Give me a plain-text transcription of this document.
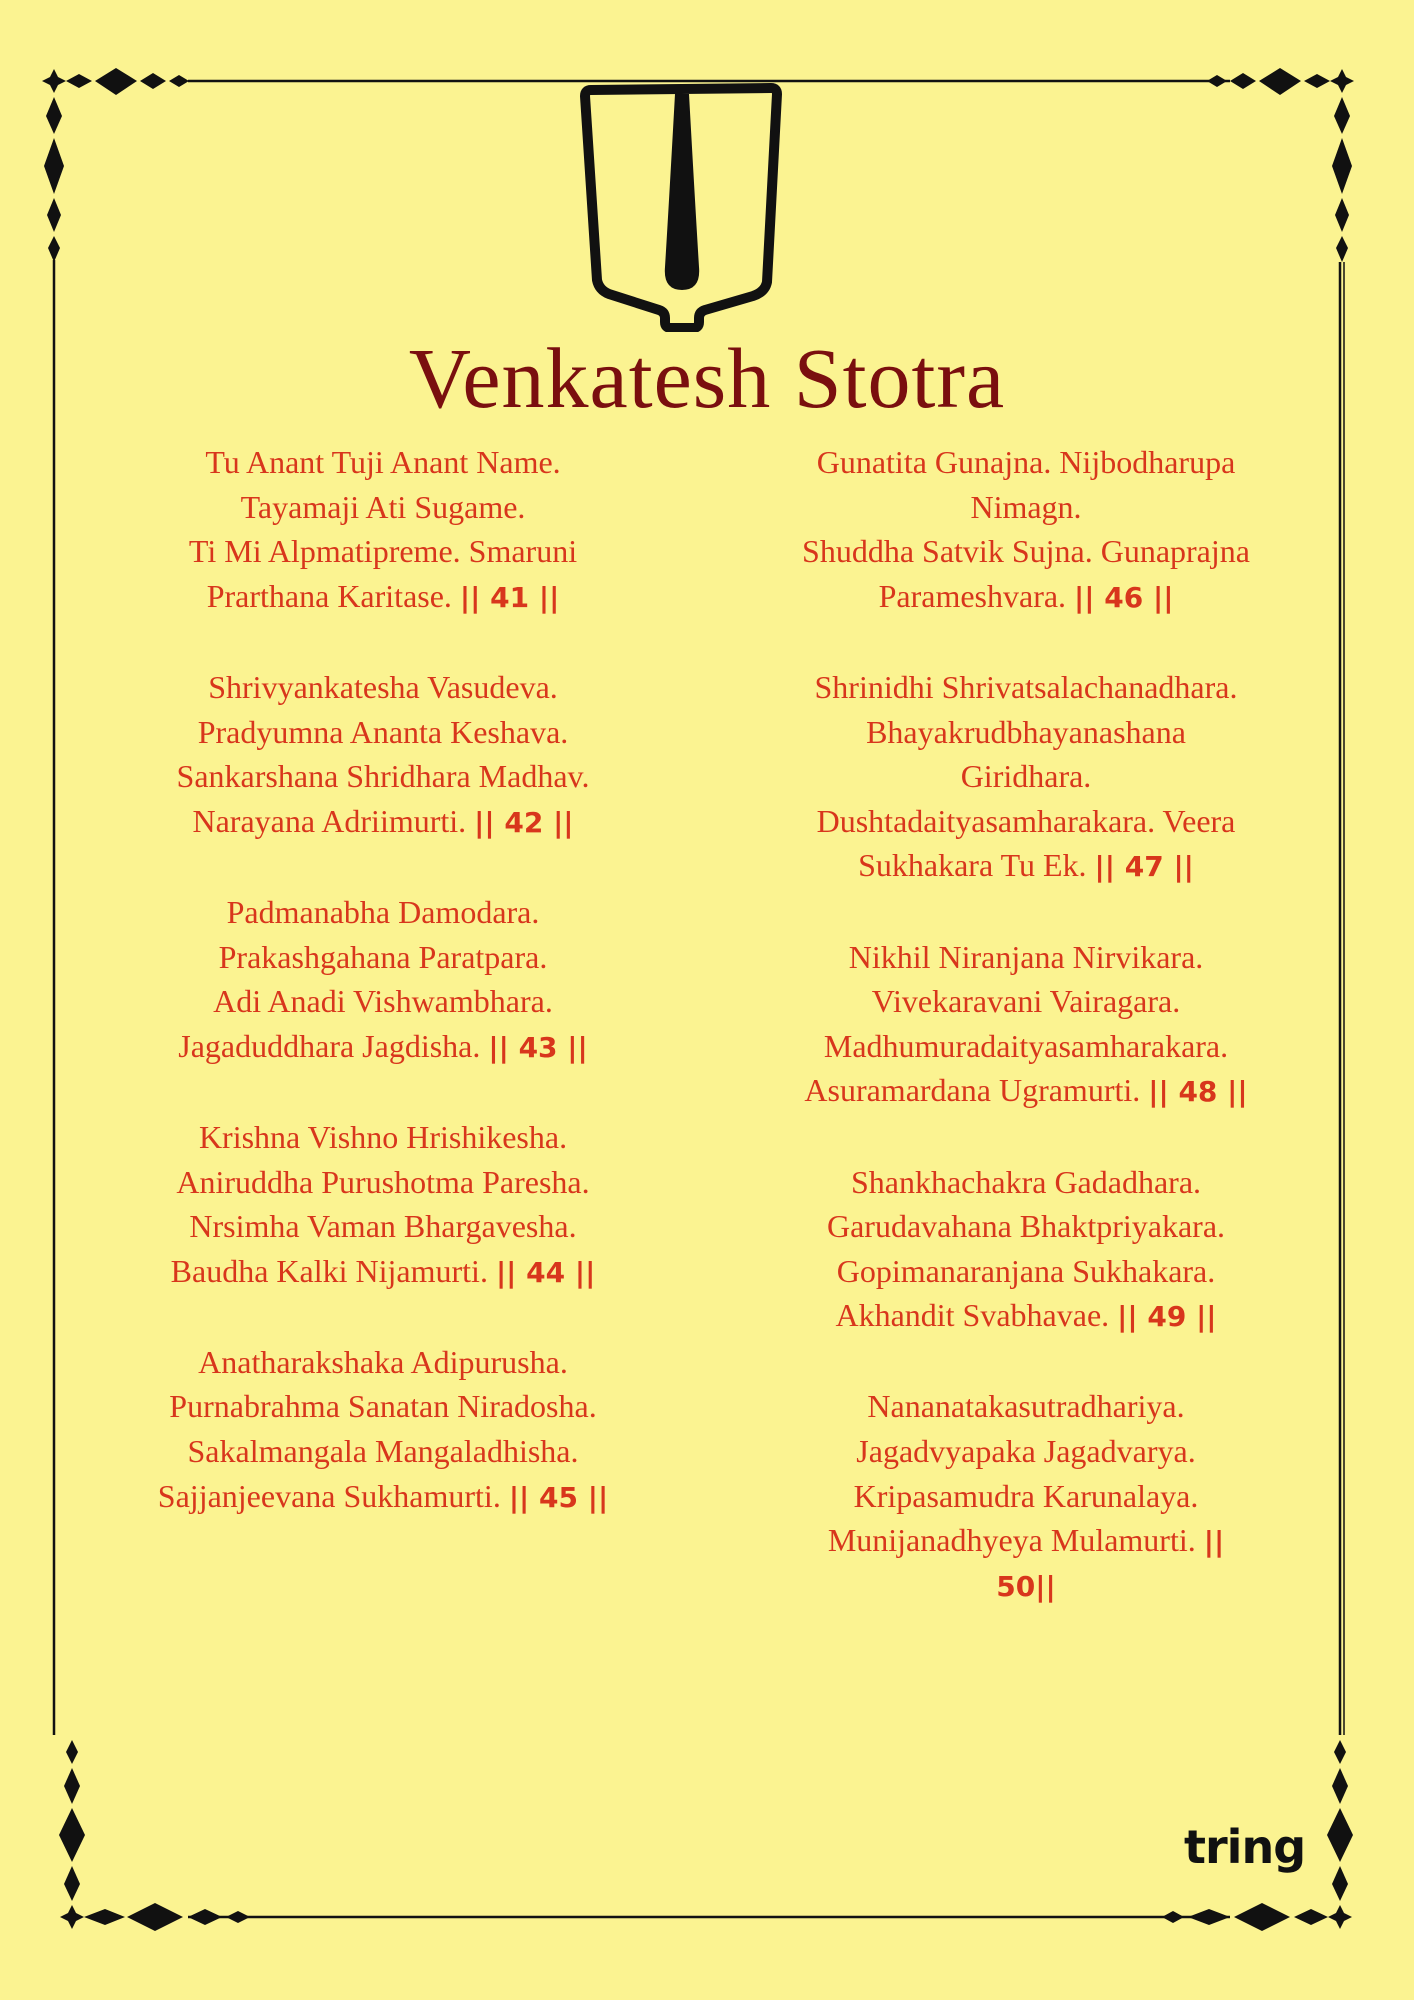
Venkatesh Stotra
Tu Anant Tuji Anant Name.
Tayamaji Ati Sugame.
Ti Mi Alpmatipreme. Smaruni
Prarthana Karitase. || 41 ||
Shrivyankatesha Vasudeva.
Pradyumna Ananta Keshava.
Sankarshana Shridhara Madhav.
Narayana Adriimurti. || 42 ||
Padmanabha Damodara.
Prakashgahana Paratpara.
Adi Anadi Vishwambhara.
Jagaduddhara Jagdisha. || 43 ||
Krishna Vishno Hrishikesha.
Aniruddha Purushotma Paresha.
Nrsimha Vaman Bhargavesha.
Baudha Kalki Nijamurti. || 44 ||
Anatharakshaka Adipurusha.
Purnabrahma Sanatan Niradosha.
Sakalmangala Mangaladhisha.
Sajjanjeevana Sukhamurti. || 45 ||
Gunatita Gunajna. Nijbodharupa
Nimagn.
Shuddha Satvik Sujna. Gunaprajna
Parameshvara. || 46 ||
Shrinidhi Shrivatsalachanadhara.
Bhayakrudbhayanashana
Giridhara.
Dushtadaityasamharakara. Veera
Sukhakara Tu Ek. || 47 ||
Nikhil Niranjana Nirvikara.
Vivekaravani Vairagara.
Madhumuradaityasamharakara.
Asuramardana Ugramurti. || 48 ||
Shankhachakra Gadadhara.
Garudavahana Bhaktpriyakara.
Gopimanaranjana Sukhakara.
Akhandit Svabhavae. || 49 ||
Nananatakasutradhariya.
Jagadvyapaka Jagadvarya.
Kripasamudra Karunalaya.
Munijanadhyeya Mulamurti. ||
50||
tring
